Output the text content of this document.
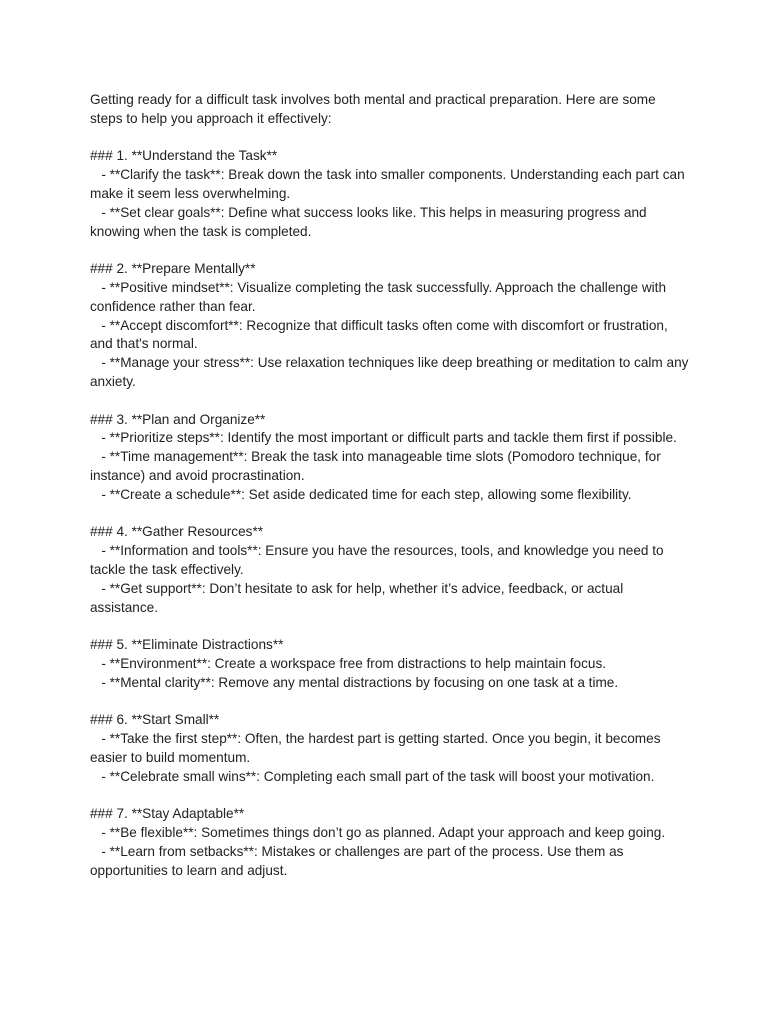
Getting ready for a difficult task involves both mental and practical preparation. Here are some steps to help you approach it effectively:

### 1. **Understand the Task**

- **Clarify the task**: Break down the task into smaller components. Understanding each part can make it seem less overwhelming.

- **Set clear goals**: Define what success looks like. This helps in measuring progress and knowing when the task is completed.

### 2. **Prepare Mentally**

- **Positive mindset**: Visualize completing the task successfully. Approach the challenge with confidence rather than fear.

- **Accept discomfort**: Recognize that difficult tasks often come with discomfort or frustration, and that's normal.

- **Manage your stress**: Use relaxation techniques like deep breathing or meditation to calm any anxiety.

### 3. **Plan and Organize**

- **Prioritize steps**: Identify the most important or difficult parts and tackle them first if possible.

- **Time management**: Break the task into manageable time slots (Pomodoro technique, for instance) and avoid procrastination.

- **Create a schedule**: Set aside dedicated time for each step, allowing some flexibility.

### 4. **Gather Resources**

- **Information and tools**: Ensure you have the resources, tools, and knowledge you need to tackle the task effectively.

- **Get support**: Don’t hesitate to ask for help, whether it’s advice, feedback, or actual assistance.

### 5. **Eliminate Distractions**

- **Environment**: Create a workspace free from distractions to help maintain focus.

- **Mental clarity**: Remove any mental distractions by focusing on one task at a time.

### 6. **Start Small**

- **Take the first step**: Often, the hardest part is getting started. Once you begin, it becomes easier to build momentum.

- **Celebrate small wins**: Completing each small part of the task will boost your motivation.

### 7. **Stay Adaptable**

- **Be flexible**: Sometimes things don’t go as planned. Adapt your approach and keep going.

- **Learn from setbacks**: Mistakes or challenges are part of the process. Use them as opportunities to learn and adjust.
